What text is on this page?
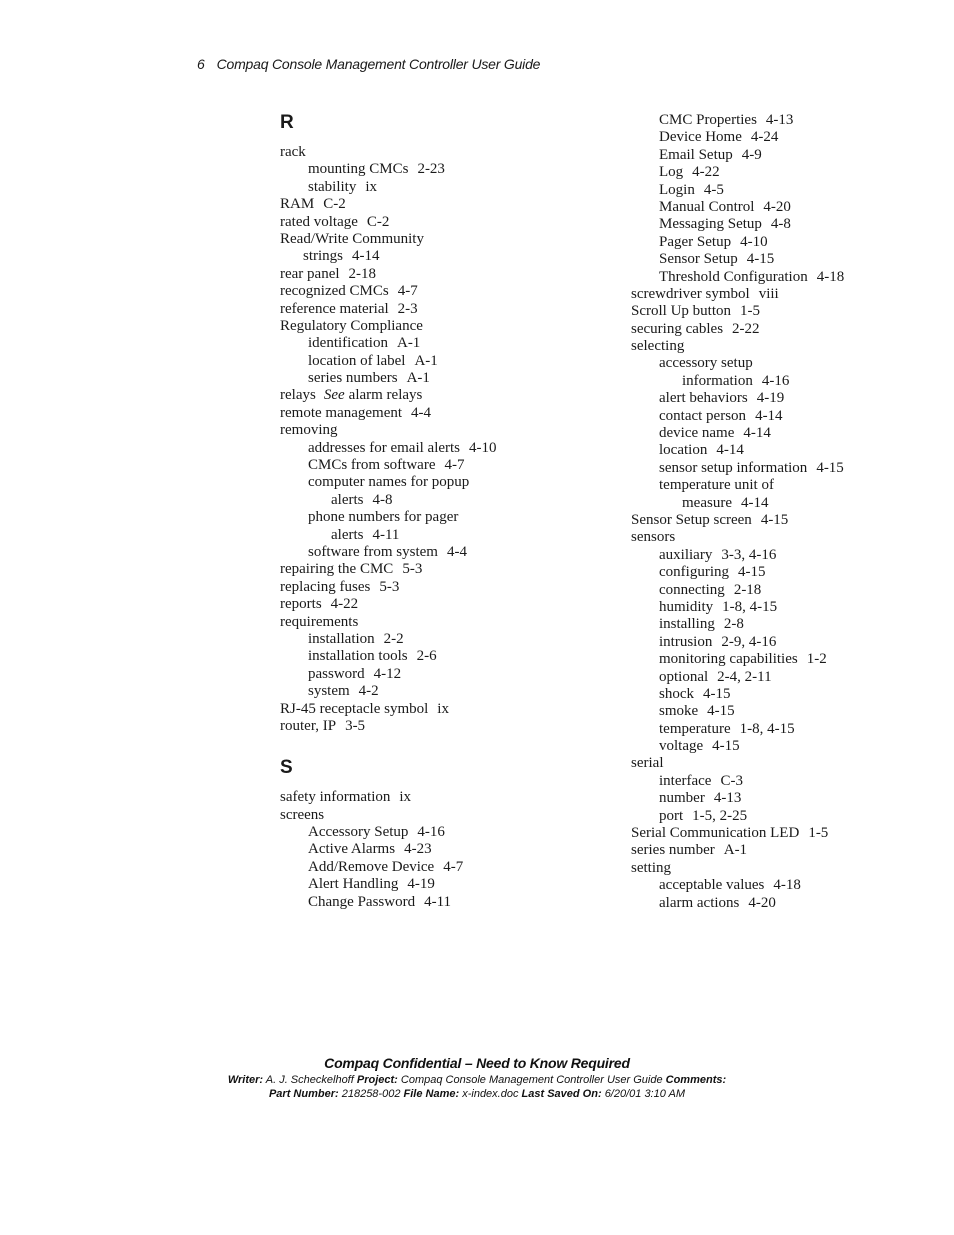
6 Compaq Console Management Controller User Guide
R
rack
mounting CMCs 2-23
stability ix
RAM C-2
rated voltage C-2
Read/Write Community
strings 4-14
rear panel 2-18
recognized CMCs 4-7
reference material 2-3
Regulatory Compliance
identification A-1
location of label A-1
series numbers A-1
relays See alarm relays
remote management 4-4
removing
addresses for email alerts 4-10
CMCs from software 4-7
computer names for popup
alerts 4-8
phone numbers for pager
alerts 4-11
software from system 4-4
repairing the CMC 5-3
replacing fuses 5-3
reports 4-22
requirements
installation 2-2
installation tools 2-6
password 4-12
system 4-2
RJ-45 receptacle symbol ix
router, IP 3-5
S
safety information ix
screens
Accessory Setup 4-16
Active Alarms 4-23
Add/Remove Device 4-7
Alert Handling 4-19
Change Password 4-11
CMC Properties 4-13
Device Home 4-24
Email Setup 4-9
Log 4-22
Login 4-5
Manual Control 4-20
Messaging Setup 4-8
Pager Setup 4-10
Sensor Setup 4-15
Threshold Configuration 4-18
screwdriver symbol viii
Scroll Up button 1-5
securing cables 2-22
selecting
accessory setup
information 4-16
alert behaviors 4-19
contact person 4-14
device name 4-14
location 4-14
sensor setup information 4-15
temperature unit of
measure 4-14
Sensor Setup screen 4-15
sensors
auxiliary 3-3, 4-16
configuring 4-15
connecting 2-18
humidity 1-8, 4-15
installing 2-8
intrusion 2-9, 4-16
monitoring capabilities 1-2
optional 2-4, 2-11
shock 4-15
smoke 4-15
temperature 1-8, 4-15
voltage 4-15
serial
interface C-3
number 4-13
port 1-5, 2-25
Serial Communication LED 1-5
series number A-1
setting
acceptable values 4-18
alarm actions 4-20
Compaq Confidential – Need to Know Required
Writer: A. J. Scheckelhoff Project: Compaq Console Management Controller User Guide Comments:
Part Number: 218258-002 File Name: x-index.doc Last Saved On: 6/20/01 3:10 AM
